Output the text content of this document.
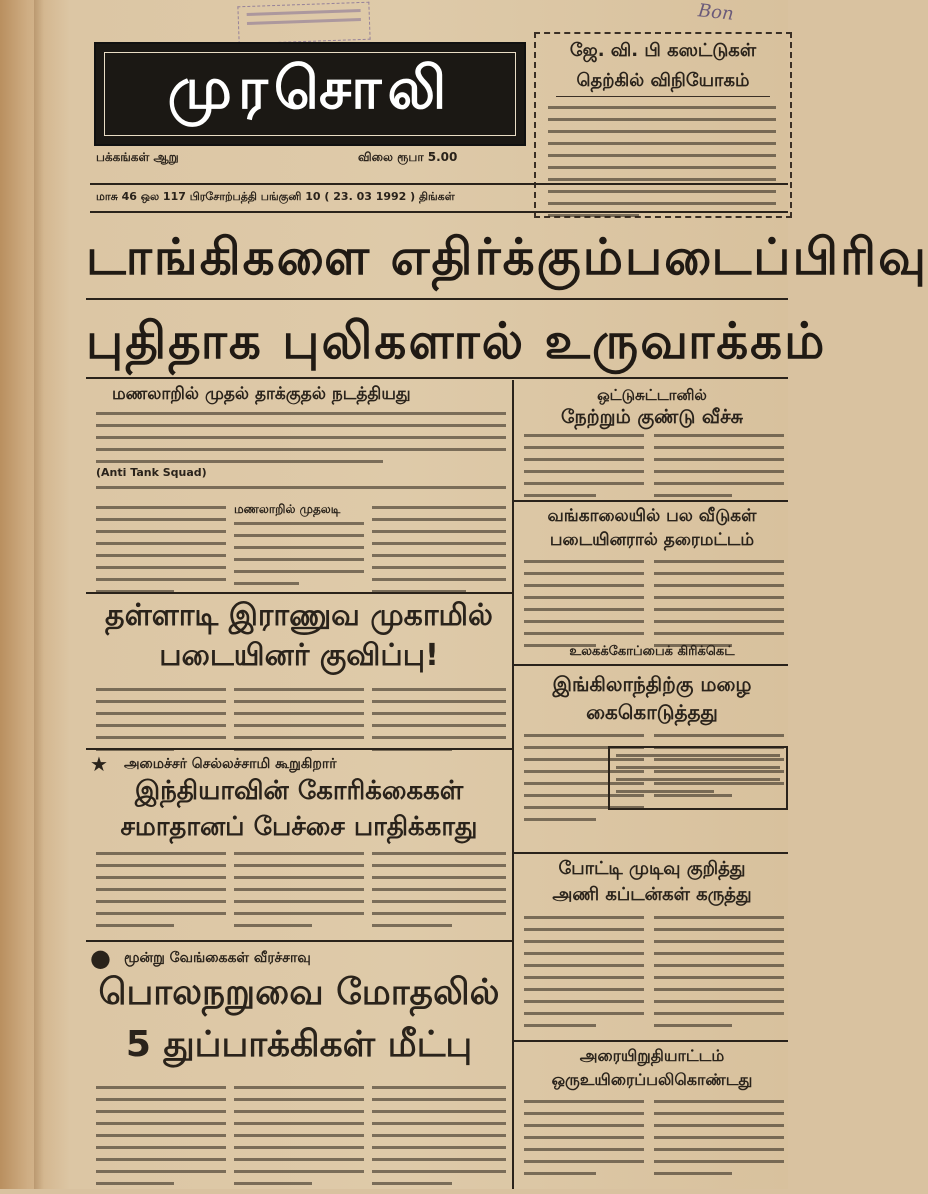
Bon
முரசொலி
ஜே. வி. பி கஸட்டுகள்
தெற்கில் விநியோகம்
பக்கங்கள் ஆறு	விலை ரூபா 5.00
மாசு 46 ஒல 117 பிரசோற்பத்தி பங்குனி 10 ( 23. 03 1992 ) திங்கள்
டாங்கிகளை எதிர்க்கும்படைப்பிரிவு
புதிதாக புலிகளால் உருவாக்கம்
மணலாறில் முதல் தாக்குதல் நடத்தியது
(Anti Tank Squad)
மணலாறில் முதலடி
தள்ளாடி இராணுவ முகாமில்
படையினர் குவிப்பு!
★ அமைச்சர் செல்லச்சாமி கூறுகிறார்
இந்தியாவின் கோரிக்கைகள்
சமாதானப் பேச்சை பாதிக்காது
● மூன்று வேங்கைகள் வீரச்சாவு
பொலநறுவை மோதலில்
5 துப்பாக்கிகள் மீட்பு
ஒட்டுசுட்டானில்
நேற்றும் குண்டு வீச்சு
வங்காலையில் பல வீடுகள்
படையினரால் தரைமட்டம்
உலகக்கோப்பைக் கிரிக்கெட்
இங்கிலாந்திற்கு மழை
கைகொடுத்தது
போட்டி முடிவு குறித்து
அணி கப்டன்கள் கருத்து
அரையிறுதியாட்டம்
ஒருஉயிரைப்பலிகொண்டது
